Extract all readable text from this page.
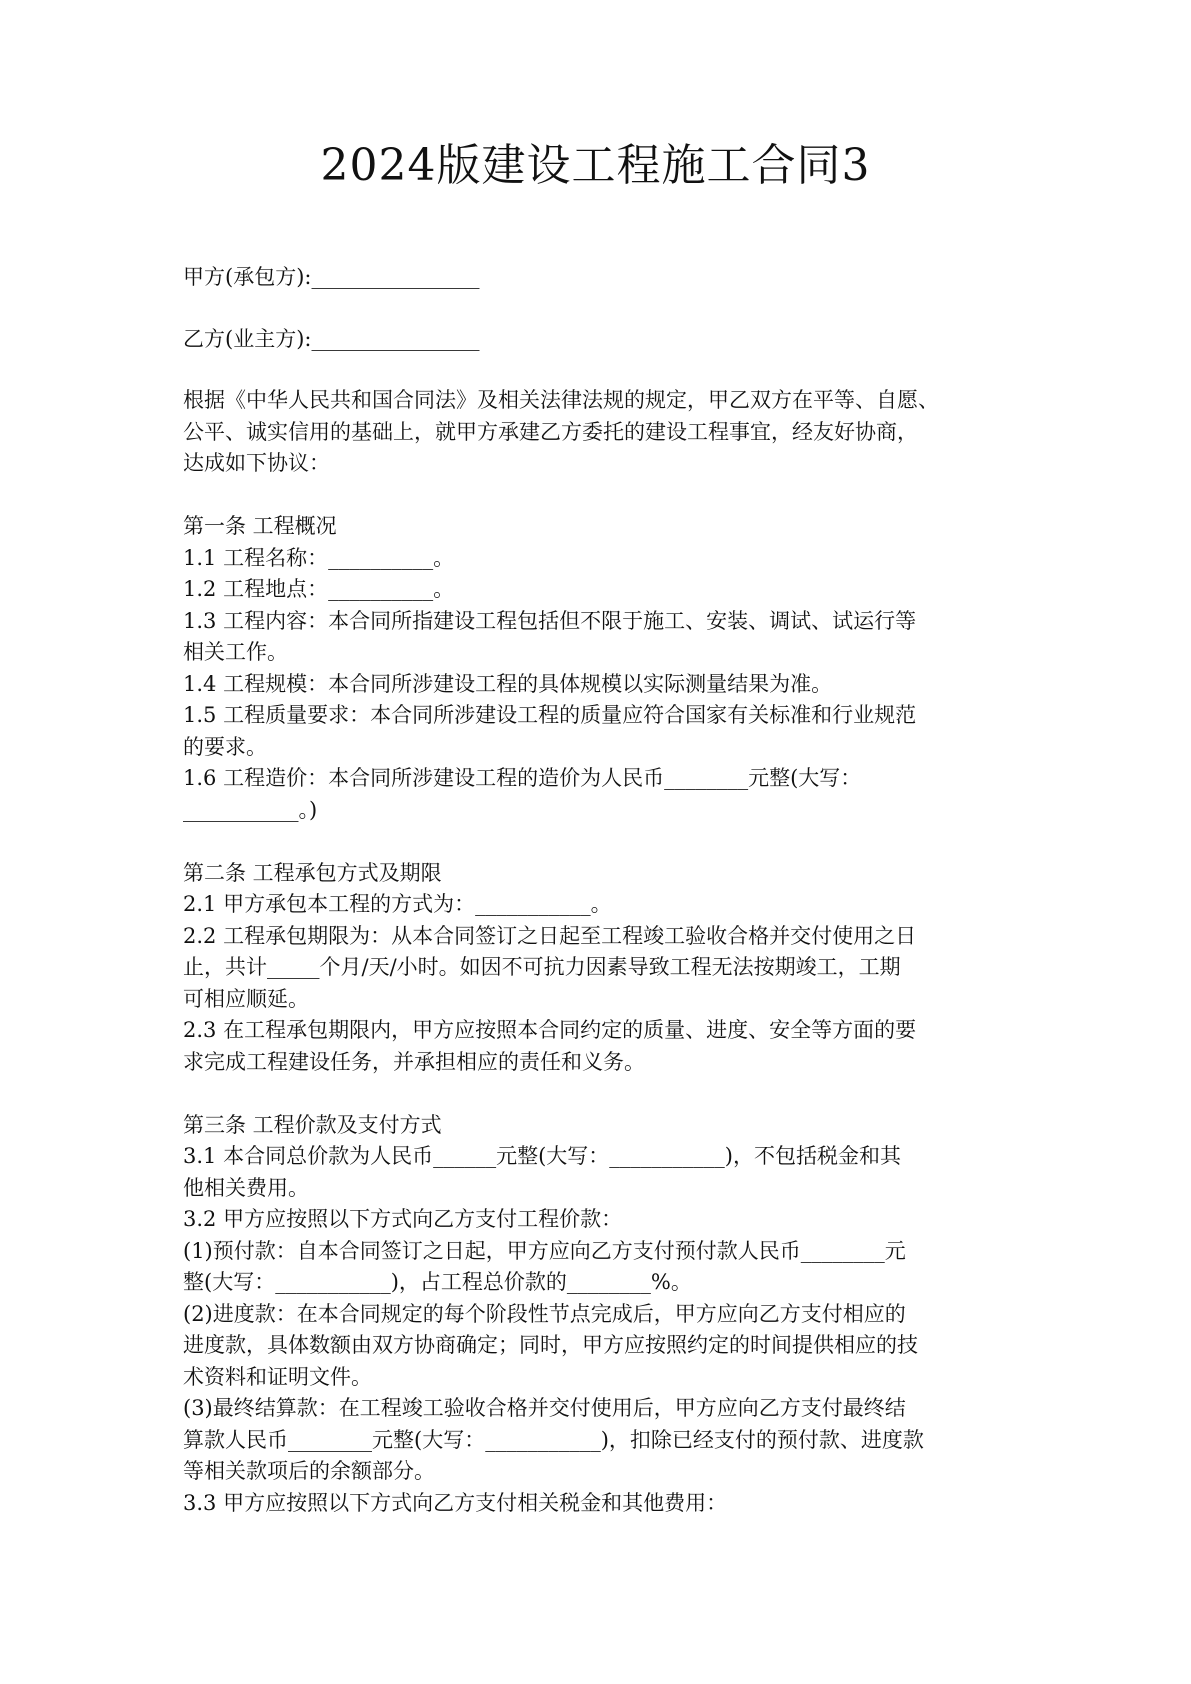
2024版建设工程施工合同3
甲方(承包方):________________
乙方(业主方):________________
根据《中华人民共和国合同法》及相关法律法规的规定，甲乙双方在平等、自愿、
公平、诚实信用的基础上，就甲方承建乙方委托的建设工程事宜，经友好协商，
达成如下协议：
第一条 工程概况
1.1 工程名称：__________。
1.2 工程地点：__________。
1.3 工程内容：本合同所指建设工程包括但不限于施工、安装、调试、试运行等
相关工作。
1.4 工程规模：本合同所涉建设工程的具体规模以实际测量结果为准。
1.5 工程质量要求：本合同所涉建设工程的质量应符合国家有关标准和行业规范
的要求。
1.6 工程造价：本合同所涉建设工程的造价为人民币________元整(大写：
___________。)
第二条 工程承包方式及期限
2.1 甲方承包本工程的方式为：___________。
2.2 工程承包期限为：从本合同签订之日起至工程竣工验收合格并交付使用之日
止，共计_____个月/天/小时。如因不可抗力因素导致工程无法按期竣工，工期
可相应顺延。
2.3 在工程承包期限内，甲方应按照本合同约定的质量、进度、安全等方面的要
求完成工程建设任务，并承担相应的责任和义务。
第三条 工程价款及支付方式
3.1 本合同总价款为人民币______元整(大写：___________)，不包括税金和其
他相关费用。
3.2 甲方应按照以下方式向乙方支付工程价款：
(1)预付款：自本合同签订之日起，甲方应向乙方支付预付款人民币________元
整(大写：___________)，占工程总价款的________%。
(2)进度款：在本合同规定的每个阶段性节点完成后，甲方应向乙方支付相应的
进度款，具体数额由双方协商确定；同时，甲方应按照约定的时间提供相应的技
术资料和证明文件。
(3)最终结算款：在工程竣工验收合格并交付使用后，甲方应向乙方支付最终结
算款人民币________元整(大写：___________)，扣除已经支付的预付款、进度款
等相关款项后的余额部分。
3.3 甲方应按照以下方式向乙方支付相关税金和其他费用：
